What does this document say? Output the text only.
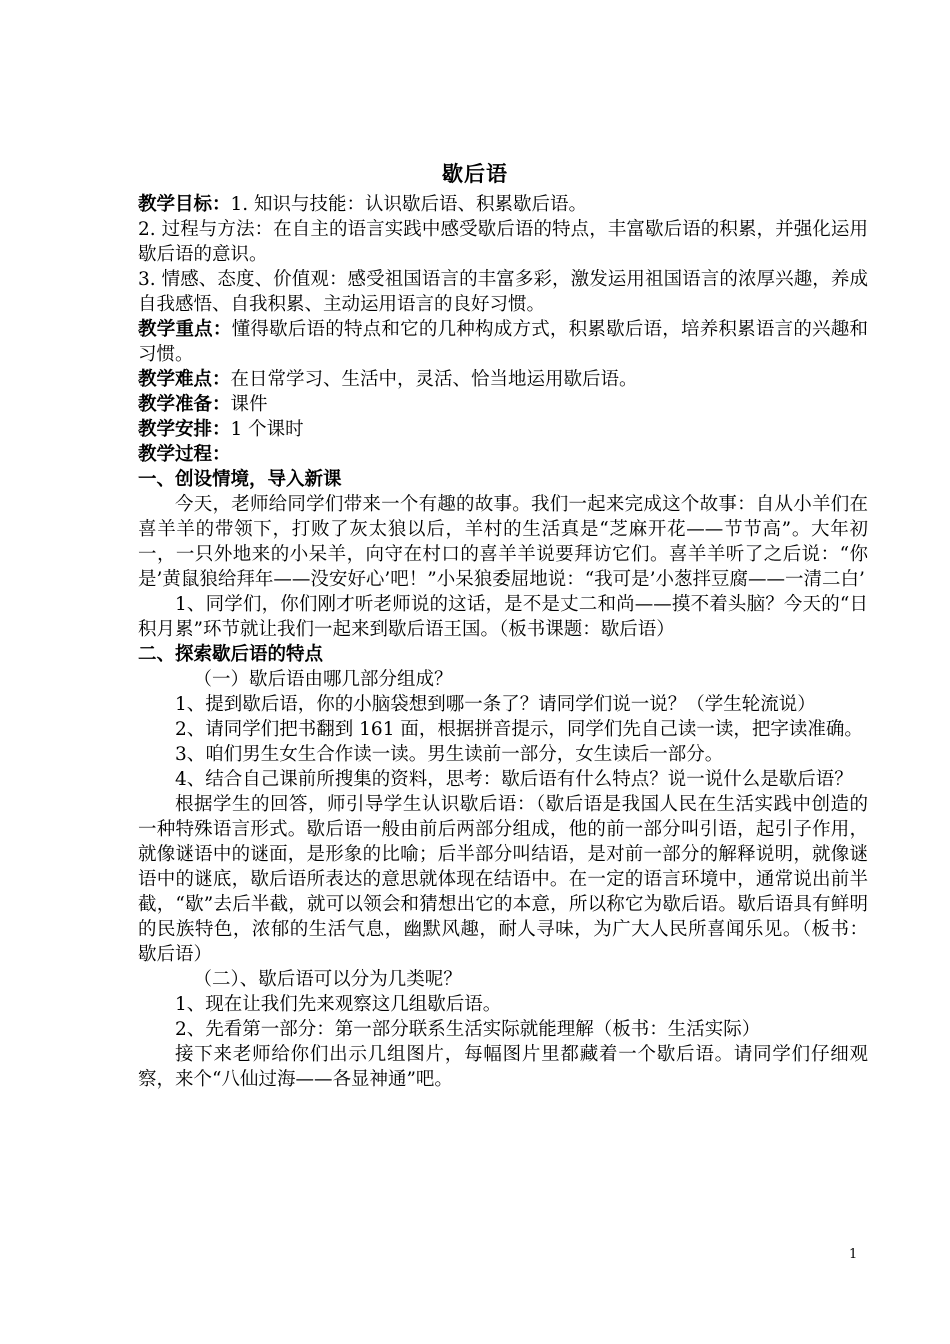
歇后语

教学目标：1. 知识与技能：认识歇后语、积累歇后语。

2. 过程与方法：在自主的语言实践中感受歇后语的特点，丰富歇后语的积累，并强化运用歇后语的意识。

3. 情感、态度、价值观：感受祖国语言的丰富多彩，激发运用祖国语言的浓厚兴趣，养成自我感悟、自我积累、主动运用语言的良好习惯。

教学重点：懂得歇后语的特点和它的几种构成方式，积累歇后语，培养积累语言的兴趣和习惯。

教学难点：在日常学习、生活中，灵活、恰当地运用歇后语。

教学准备：课件

教学安排：1 个课时

教学过程：

一、创设情境，导入新课

今天，老师给同学们带来一个有趣的故事。我们一起来完成这个故事：自从小羊们在喜羊羊的带领下，打败了灰太狼以后，羊村的生活真是“芝麻开花——节节高”。大年初一，一只外地来的小呆羊，向守在村口的喜羊羊说要拜访它们。喜羊羊听了之后说：“你是’黄鼠狼给拜年——没安好心’吧！”小呆狼委屈地说：“我可是’小葱拌豆腐——一清二白’

1、同学们，你们刚才听老师说的这话，是不是丈二和尚——摸不着头脑？今天的“日积月累”环节就让我们一起来到歇后语王国。（板书课题：歇后语）

二、探索歇后语的特点

（一）歇后语由哪几部分组成？

1、提到歇后语，你的小脑袋想到哪一条了？请同学们说一说？（学生轮流说）

2、请同学们把书翻到 161 面，根据拼音提示，同学们先自己读一读，把字读准确。

3、咱们男生女生合作读一读。男生读前一部分，女生读后一部分。

4、结合自己课前所搜集的资料，思考：歇后语有什么特点？说一说什么是歇后语？

根据学生的回答，师引导学生认识歇后语：（歇后语是我国人民在生活实践中创造的一种特殊语言形式。歇后语一般由前后两部分组成，他的前一部分叫引语，起引子作用，就像谜语中的谜面，是形象的比喻；后半部分叫结语，是对前一部分的解释说明，就像谜语中的谜底，歇后语所表达的意思就体现在结语中。在一定的语言环境中，通常说出前半截，“歇”去后半截，就可以领会和猜想出它的本意，所以称它为歇后语。歇后语具有鲜明的民族特色，浓郁的生活气息，幽默风趣，耐人寻味，为广大人民所喜闻乐见。（板书：歇后语）

（二）、歇后语可以分为几类呢？

1、现在让我们先来观察这几组歇后语。

2、先看第一部分：第一部分联系生活实际就能理解（板书：生活实际）

接下来老师给你们出示几组图片，每幅图片里都藏着一个歇后语。请同学们仔细观察，来个“八仙过海——各显神通”吧。

1
